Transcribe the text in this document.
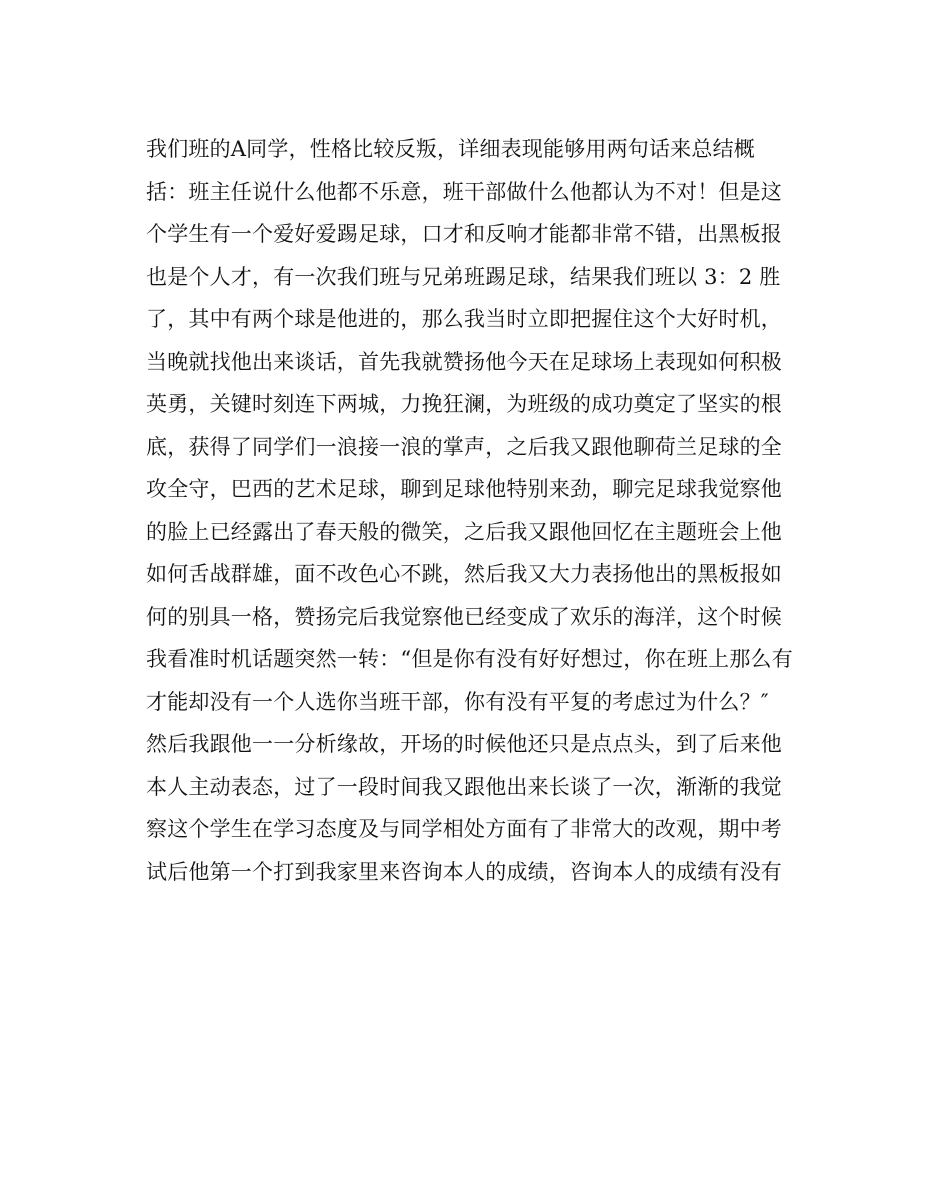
我们班的A同学，性格比较反叛，详细表现能够用两句话来总结概
括：班主任说什么他都不乐意，班干部做什么他都认为不对！但是这
个学生有一个爱好爱踢足球，口才和反响才能都非常不错，出黑板报
也是个人才，有一次我们班与兄弟班踢足球，结果我们班以 3：2 胜
了，其中有两个球是他进的，那么我当时立即把握住这个大好时机，
当晚就找他出来谈话，首先我就赞扬他今天在足球场上表现如何积极
英勇，关键时刻连下两城，力挽狂澜，为班级的成功奠定了坚实的根
底，获得了同学们一浪接一浪的掌声，之后我又跟他聊荷兰足球的全
攻全守，巴西的艺术足球，聊到足球他特别来劲，聊完足球我觉察他
的脸上已经露出了春天般的微笑，之后我又跟他回忆在主题班会上他
如何舌战群雄，面不改色心不跳，然后我又大力表扬他出的黑板报如
何的别具一格，赞扬完后我觉察他已经变成了欢乐的海洋，这个时候
我看准时机话题突然一转：“但是你有没有好好想过，你在班上那么有
才能却没有一个人选你当班干部，你有没有平复的考虑过为什么？″
然后我跟他一一分析缘故，开场的时候他还只是点点头，到了后来他
本人主动表态，过了一段时间我又跟他出来长谈了一次，渐渐的我觉
察这个学生在学习态度及与同学相处方面有了非常大的改观，期中考
试后他第一个打到我家里来咨询本人的成绩，咨询本人的成绩有没有
